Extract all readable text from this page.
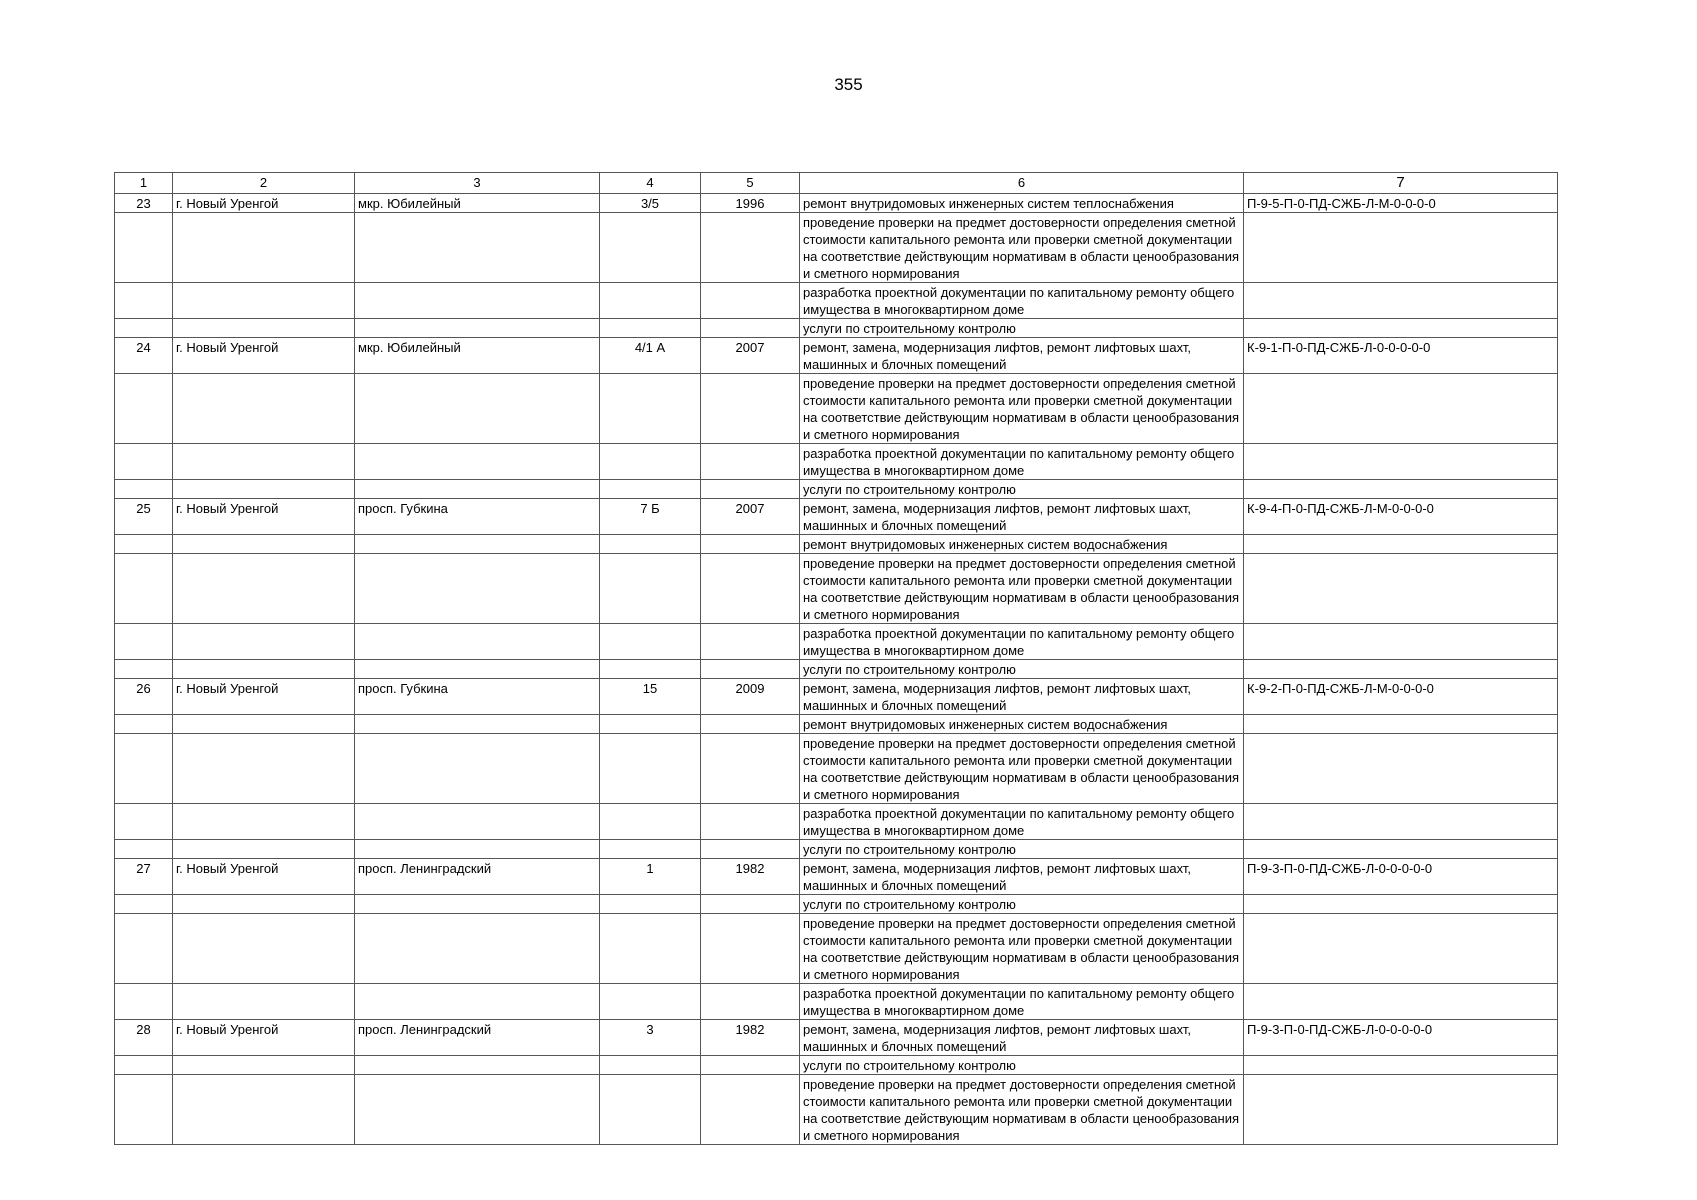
355
1	2	3	4	5	6	7
23	г. Новый Уренгой	мкр. Юбилейный	3/5	1996	ремонт внутридомовых инженерных систем теплоснабжения	П-9-5-П-0-ПД-СЖБ-Л-М-0-0-0-0
					проведение проверки на предмет достоверности определения сметной стоимости капитального ремонта или проверки сметной документации на соответствие действующим нормативам в области ценообразования и сметного нормирования	
					разработка проектной документации по капитальному ремонту общего имущества в многоквартирном доме	
					услуги по строительному контролю	
24	г. Новый Уренгой	мкр. Юбилейный	4/1 А	2007	ремонт, замена, модернизация лифтов, ремонт лифтовых шахт, машинных и блочных помещений	К-9-1-П-0-ПД-СЖБ-Л-0-0-0-0-0
					проведение проверки на предмет достоверности определения сметной стоимости капитального ремонта или проверки сметной документации на соответствие действующим нормативам в области ценообразования и сметного нормирования	
					разработка проектной документации по капитальному ремонту общего имущества в многоквартирном доме	
					услуги по строительному контролю	
25	г. Новый Уренгой	просп. Губкина	7 Б	2007	ремонт, замена, модернизация лифтов, ремонт лифтовых шахт, машинных и блочных помещений	К-9-4-П-0-ПД-СЖБ-Л-М-0-0-0-0
					ремонт внутридомовых инженерных систем водоснабжения	
					проведение проверки на предмет достоверности определения сметной стоимости капитального ремонта или проверки сметной документации на соответствие действующим нормативам в области ценообразования и сметного нормирования	
					разработка проектной документации по капитальному ремонту общего имущества в многоквартирном доме	
					услуги по строительному контролю	
26	г. Новый Уренгой	просп. Губкина	15	2009	ремонт, замена, модернизация лифтов, ремонт лифтовых шахт, машинных и блочных помещений	К-9-2-П-0-ПД-СЖБ-Л-М-0-0-0-0
					ремонт внутридомовых инженерных систем водоснабжения	
					проведение проверки на предмет достоверности определения сметной стоимости капитального ремонта или проверки сметной документации на соответствие действующим нормативам в области ценообразования и сметного нормирования	
					разработка проектной документации по капитальному ремонту общего имущества в многоквартирном доме	
					услуги по строительному контролю	
27	г. Новый Уренгой	просп. Ленинградский	1	1982	ремонт, замена, модернизация лифтов, ремонт лифтовых шахт, машинных и блочных помещений	П-9-3-П-0-ПД-СЖБ-Л-0-0-0-0-0
					услуги по строительному контролю	
					проведение проверки на предмет достоверности определения сметной стоимости капитального ремонта или проверки сметной документации на соответствие действующим нормативам в области ценообразования и сметного нормирования	
					разработка проектной документации по капитальному ремонту общего имущества в многоквартирном доме	
28	г. Новый Уренгой	просп. Ленинградский	3	1982	ремонт, замена, модернизация лифтов, ремонт лифтовых шахт, машинных и блочных помещений	П-9-3-П-0-ПД-СЖБ-Л-0-0-0-0-0
					услуги по строительному контролю	
					проведение проверки на предмет достоверности определения сметной стоимости капитального ремонта или проверки сметной документации на соответствие действующим нормативам в области ценообразования и сметного нормирования	
